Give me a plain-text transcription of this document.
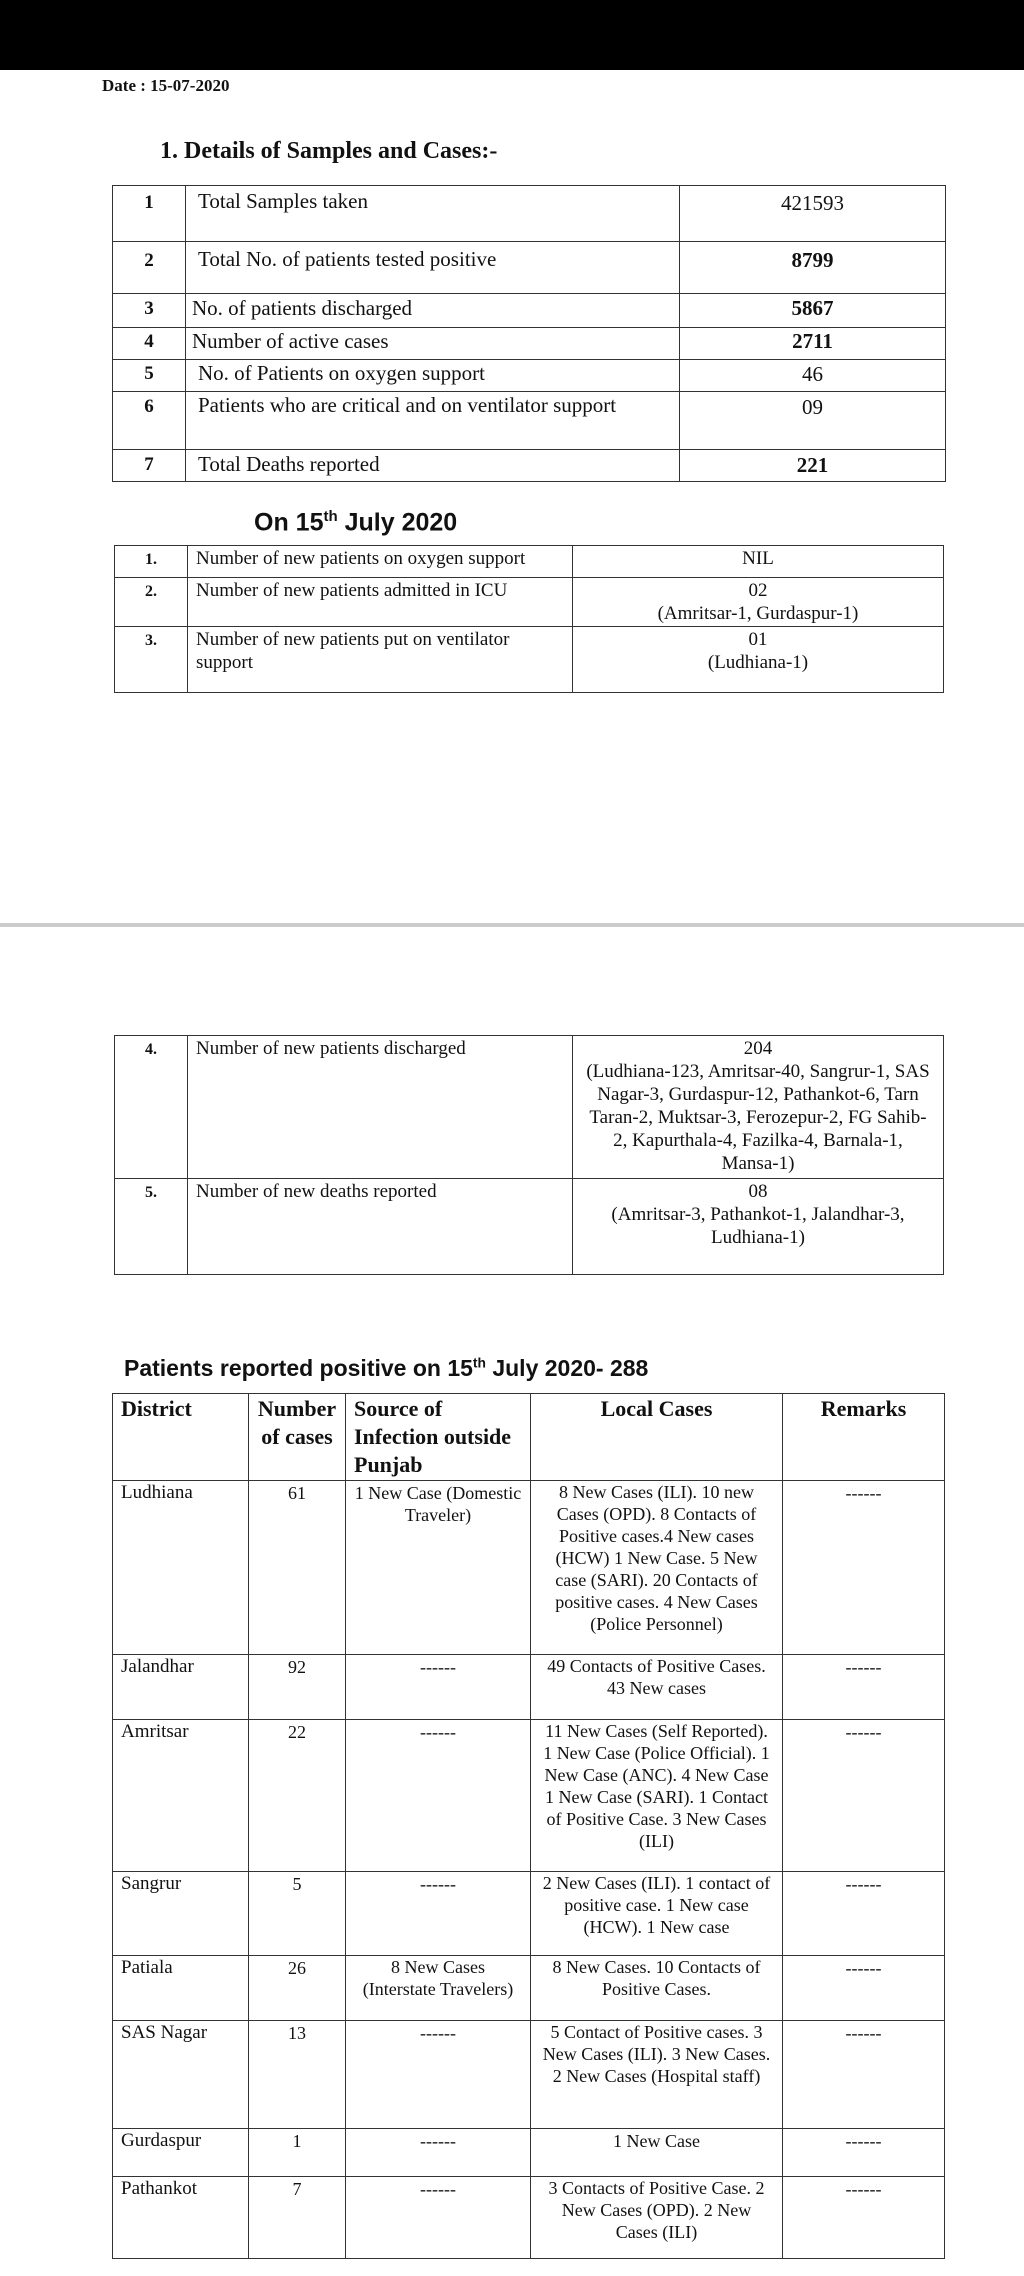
Date : 15-07-2020
1. Details of Samples and Cases:-
1	Total Samples taken	421593
2	Total No. of patients tested positive	8799
3	No. of patients discharged	5867
4	Number of active cases	2711
5	No. of Patients on oxygen support	46
6	Patients who are critical and on ventilator support	09
7	Total Deaths reported	221
On 15th July 2020
1.	Number of new patients on oxygen support	NIL

2.	Number of new patients admitted in ICU	02
(Amritsar-1, Gurdaspur-1)

3.	Number of new patients put on ventilator support	01
(Ludhiana-1)
4.	Number of new patients discharged	204
(Ludhiana-123, Amritsar-40, Sangrur-1, SAS Nagar-3, Gurdaspur-12, Pathankot-6, Tarn Taran-2, Muktsar-3, Ferozepur-2, FG Sahib-2, Kapurthala-4, Fazilka-4, Barnala-1, Mansa-1)

5.	Number of new deaths reported	08
(Amritsar-3, Pathankot-1, Jalandhar-3, Ludhiana-1)
Patients reported positive on 15th July 2020- 288
District	Number of cases	Source of Infection outside Punjab	Local Cases	Remarks
Ludhiana	61	1 New Case (Domestic Traveler)	8 New Cases (ILI). 10 new Cases (OPD). 8 Contacts of Positive cases.4 New cases (HCW) 1 New Case. 5 New case (SARI). 20 Contacts of positive cases. 4 New Cases (Police Personnel)	------
Jalandhar	92	------	49 Contacts of Positive Cases. 43 New cases	------
Amritsar	22	------	11 New Cases (Self Reported). 1 New Case (Police Official). 1 New Case (ANC). 4 New Case 1 New Case (SARI). 1 Contact of Positive Case. 3 New Cases (ILI)	------
Sangrur	5	------	2 New Cases (ILI). 1 contact of positive case. 1 New case (HCW). 1 New case	------
Patiala	26	8 New Cases (Interstate Travelers)	8 New Cases. 10 Contacts of Positive Cases.	------
SAS Nagar	13	------	5 Contact of Positive cases. 3 New Cases (ILI). 3 New Cases. 2 New Cases (Hospital staff)	------
Gurdaspur	1	------	1 New Case	------
Pathankot	7	------	3 Contacts of Positive Case. 2 New Cases (OPD). 2 New Cases (ILI)	------
